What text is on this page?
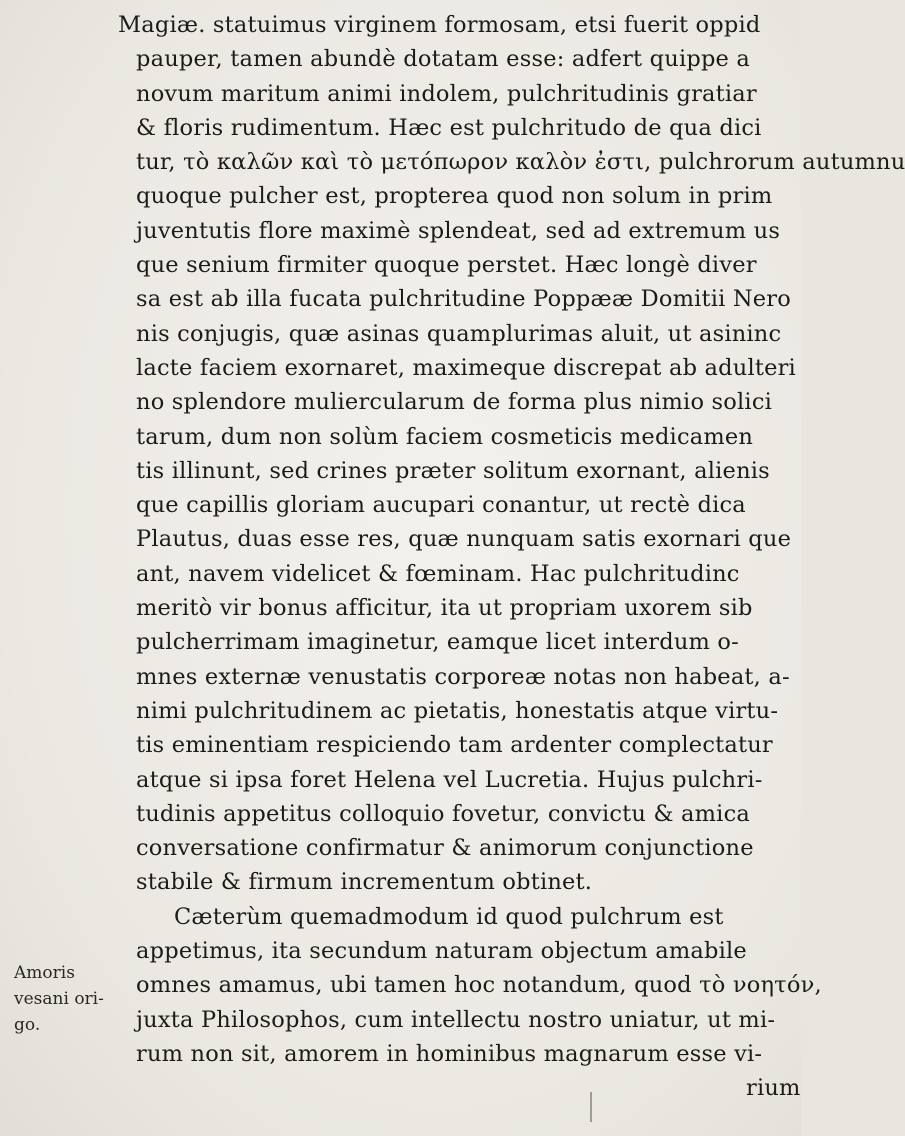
Magiæ. statuimus virginem formosam, etsi fuerit oppid
pauper, tamen abundè dotatam esse: adfert quippe a
novum maritum animi indolem, pulchritudinis gratiar
& floris rudimentum. Hæc est pulchritudo de qua dici
tur, τὸ καλῶν καὶ τὸ μετόπωρον καλὸν ἐστι, pulchrorum autumnu
quoque pulcher est, propterea quod non solum in prim
juventutis flore maximè splendeat, sed ad extremum us
que senium firmiter quoque perstet. Hæc longè diver
sa est ab illa fucata pulchritudine Poppææ Domitii Nero
nis conjugis, quæ asinas quamplurimas aluit, ut asininc
lacte faciem exornaret, maximeque discrepat ab adulteri
no splendore muliercularum de forma plus nimio solici
tarum, dum non solùm faciem cosmeticis medicamen
tis illinunt, sed crines præter solitum exornant, alienis
que capillis gloriam aucupari conantur, ut rectè dica
Plautus, duas esse res, quæ nunquam satis exornari que
ant, navem videlicet & fœminam. Hac pulchritudinc
meritò vir bonus afficitur, ita ut propriam uxorem sib
pulcherrimam imaginetur, eamque licet interdum o-
mnes externæ venustatis corporeæ notas non habeat, a-
nimi pulchritudinem ac pietatis, honestatis atque virtu-
tis eminentiam respiciendo tam ardenter complectatur
atque si ipsa foret Helena vel Lucretia. Hujus pulchri-
tudinis appetitus colloquio fovetur, convictu & amica
conversatione confirmatur & animorum conjunctione
stabile & firmum incrementum obtinet.
Cæterùm quemadmodum id quod pulchrum est
appetimus, ita secundum naturam objectum amabile
omnes amamus, ubi tamen hoc notandum, quod τὸ νοητόν,
juxta Philosophos, cum intellectu nostro uniatur, ut mi-
rum non sit, amorem in hominibus magnarum esse vi-
rium
Amoris
vesani ori-
go.
